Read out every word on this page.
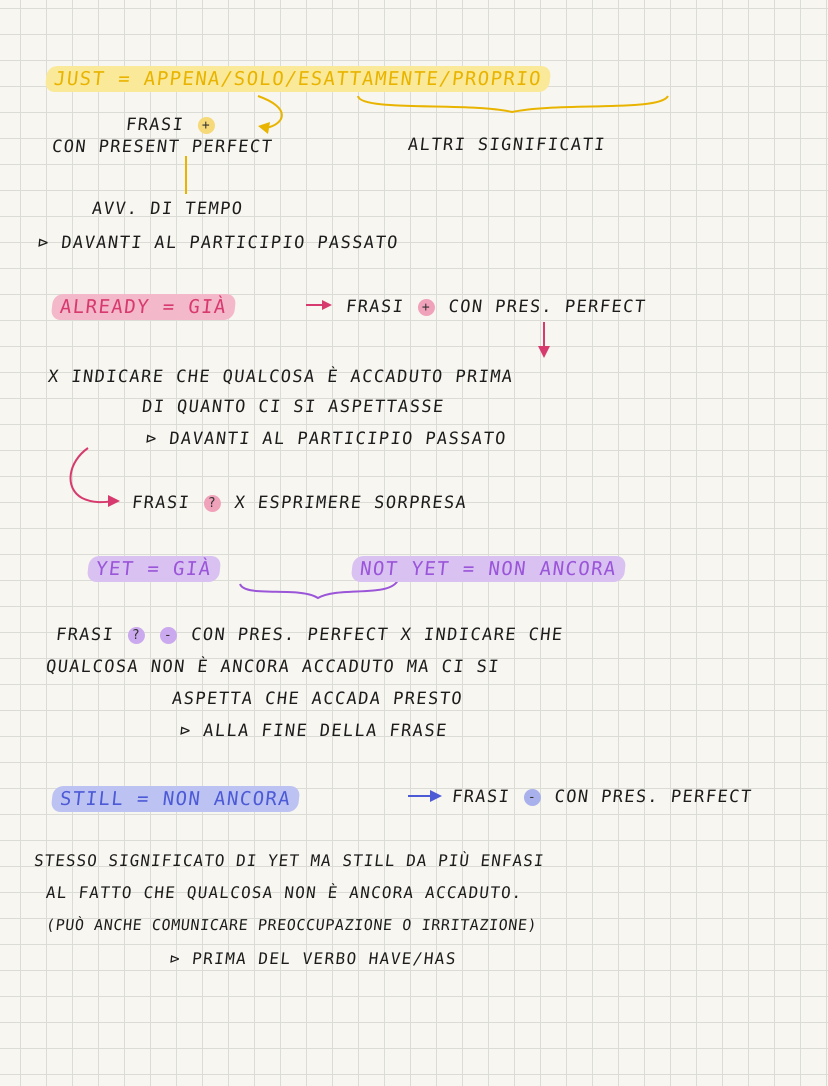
JUST = APPENA/SOLO/ESATTAMENTE/PROPRIO
FRASI +
CON PRESENT PERFECT	ALTRI SIGNIFICATI
AVV. DI TEMPO
⊳ DAVANTI AL PARTICIPIO PASSATO
ALREADY = GIÀ	FRASI + CON PRES. PERFECT
X INDICARE CHE QUALCOSA È ACCADUTO PRIMA
DI QUANTO CI SI ASPETTASSE
⊳ DAVANTI AL PARTICIPIO PASSATO
FRASI ? X ESPRIMERE SORPRESA
YET = GIÀ	NOT YET = NON ANCORA
FRASI ? - CON PRES. PERFECT X INDICARE CHE
QUALCOSA NON È ANCORA ACCADUTO MA CI SI
ASPETTA CHE ACCADA PRESTO
⊳ ALLA FINE DELLA FRASE
STILL = NON ANCORA	FRASI - CON PRES. PERFECT
STESSO SIGNIFICATO DI YET MA STILL DA PIÙ ENFASI
AL FATTO CHE QUALCOSA NON È ANCORA ACCADUTO.
(PUÒ ANCHE COMUNICARE PREOCCUPAZIONE O IRRITAZIONE)
⊳ PRIMA DEL VERBO HAVE/HAS
